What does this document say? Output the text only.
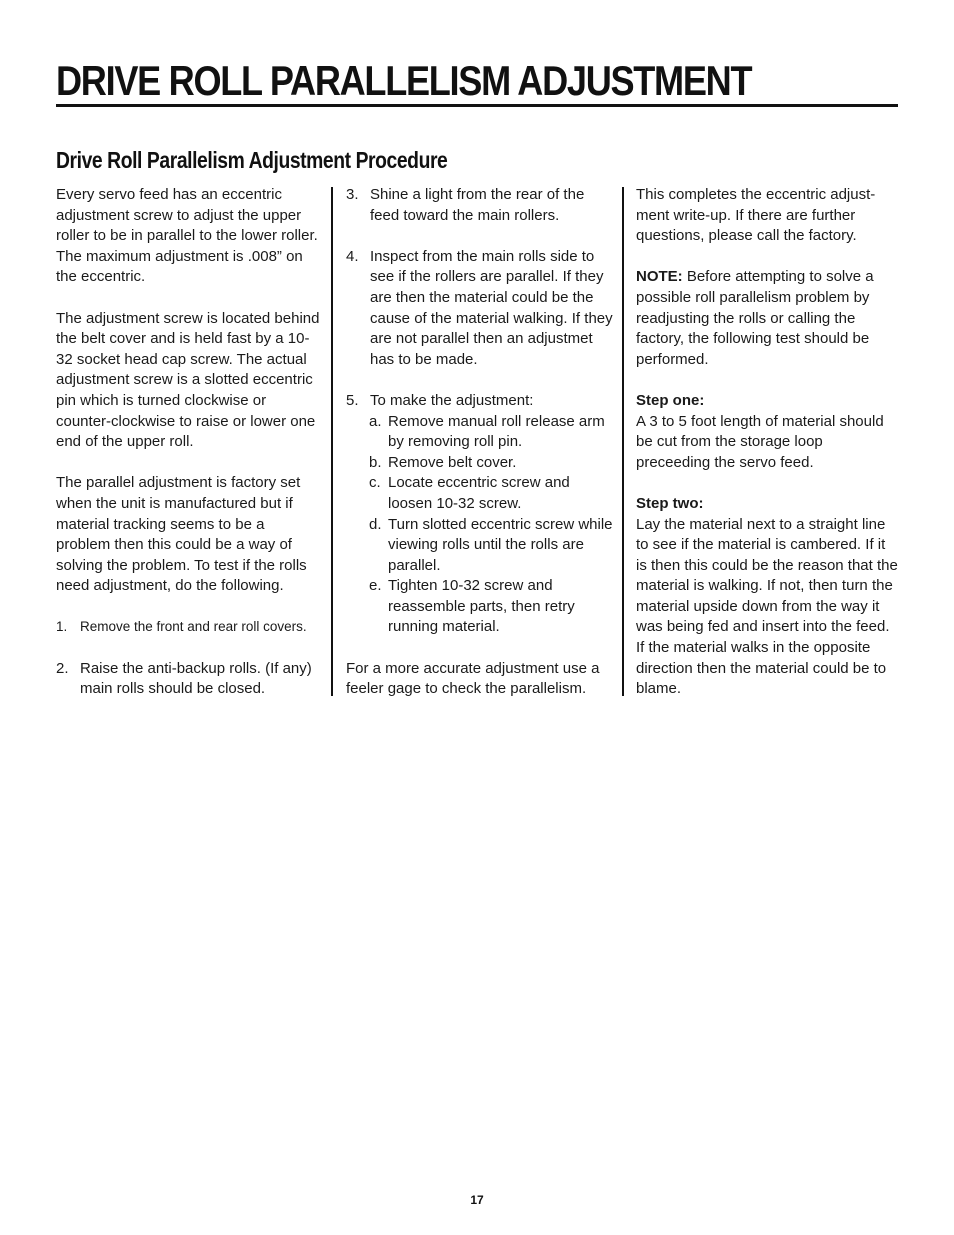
DRIVE ROLL PARALLELISM ADJUSTMENT
Drive Roll Parallelism Adjustment Procedure

Every servo feed has an eccentric adjustment screw to adjust the upper roller to be in parallel to the lower roller. The maximum adjustment is .008” on the eccentric.

The adjustment screw is located behind the belt cover and is held fast by a 10-32 socket head cap screw. The actual adjustment screw is a slotted eccentric pin which is turned clockwise or counter-clockwise to raise or lower one end of the upper roll.

The parallel adjustment is factory set when the unit is manufactured but if material tracking seems to be a problem then this could be a way of solving the problem. To test if the rolls need adjustment, do the following.

1. Remove the front and rear roll covers.
2. Raise the anti-backup rolls. (If any) main rolls should be closed.
3. Shine a light from the rear of the feed toward the main rollers.
4. Inspect from the main rolls side to see if the rollers are parallel. If they are then the material could be the cause of the material walking. If they are not parallel then an adjustmet has to be made.
5. To make the adjustment:
a. Remove manual roll release arm by removing roll pin.
b. Remove belt cover.
c. Locate eccentric screw and loosen 10-32 screw.
d. Turn slotted eccentric screw while viewing rolls until the rolls are parallel.
e. Tighten 10-32 screw and reassemble parts, then retry running material.

For a more accurate adjustment use a feeler gage to check the parallelism.

This completes the eccentric adjust-ment write-up. If there are further questions, please call the factory.

NOTE: Before attempting to solve a possible roll parallelism problem by readjusting the rolls or calling the factory, the following test should be performed.

Step one:

A 3 to 5 foot length of material should be cut from the storage loop preceeding the servo feed.

Step two:

Lay the material next to a straight line to see if the material is cambered. If it is then this could be the reason that the material is walking. If not, then turn the material upside down from the way it was being fed and insert into the feed. If the material walks in the opposite direction then the material could be to blame.

17
